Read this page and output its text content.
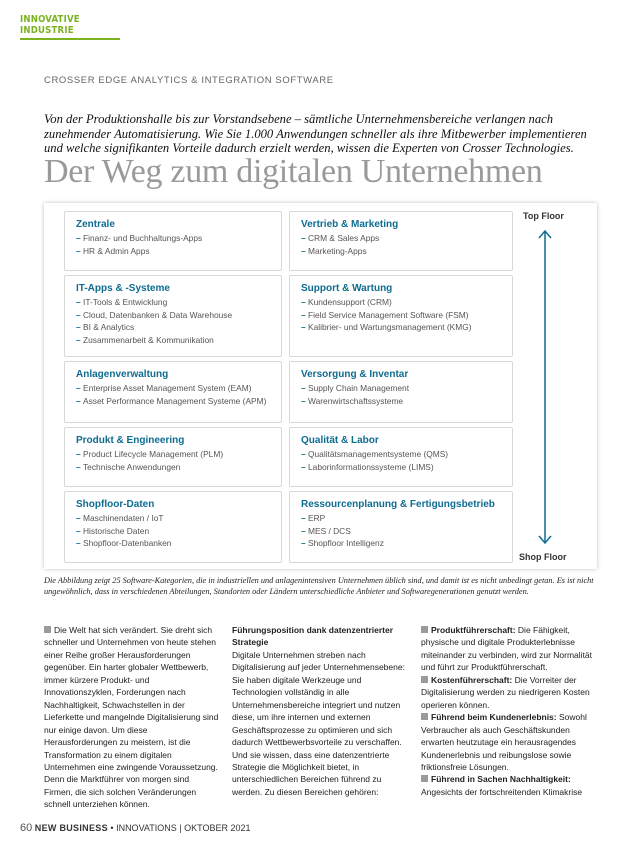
INNOVATIVE INDUSTRIE
CROSSER EDGE ANALYTICS & INTEGRATION SOFTWARE
Von der Produktionshalle bis zur Vorstandsebene – sämtliche Unternehmensbereiche verlangen nach zunehmender Automatisierung. Wie Sie 1.000 Anwendungen schneller als ihre Mitbewerber implementieren und welche signifikanten Vorteile dadurch erzielt werden, wissen die Experten von Crosser Technologies.
Der Weg zum digitalen Unternehmen
Zentrale
– Finanz- und Buchhaltungs-Apps
– HR & Admin Apps
IT-Apps & -Systeme
– IT-Tools & Entwicklung
– Cloud, Datenbanken & Data Warehouse
– BI & Analytics
– Zusammenarbeit & Kommunikation
Anlagenverwaltung
– Enterprise Asset Management System (EAM)
– Asset Performance Management Systeme (APM)
Produkt & Engineering
– Product Lifecycle Management (PLM)
– Technische Anwendungen
Shopfloor-Daten
– Maschinendaten / IoT
– Historische Daten
– Shopfloor-Datenbanken
Vertrieb & Marketing
– CRM & Sales Apps
– Marketing-Apps
Support & Wartung
– Kundensupport (CRM)
– Field Service Management Software (FSM)
– Kalibrier- und Wartungsmanagement (KMG)
Versorgung & Inventar
– Supply Chain Management
– Warenwirtschaftssysteme
Qualität & Labor
– Qualitätsmanagementsysteme (QMS)
– Laborinformationssysteme (LIMS)
Ressourcenplanung & Fertigungsbetrieb
– ERP
– MES / DCS
– Shopfloor Intelligenz
Top Floor
Shop Floor
Die Abbildung zeigt 25 Software-Kategorien, die in industriellen und anlagenintensiven Unternehmen üblich sind, und damit ist es nicht unbedingt getan. Es ist nicht ungewöhnlich, dass in verschiedenen Abteilungen, Standorten oder Ländern unterschiedliche Anbieter und Softwaregenerationen genutzt werden.

Die Welt hat sich verändert. Sie dreht sich schneller und Unternehmen von heute stehen einer Reihe großer Herausforderungen gegenüber. Ein harter globaler Wettbewerb, immer kürzere Produkt- und Innovationszyklen, Forderungen nach Nachhaltigkeit, Schwachstellen in der Lieferkette und mangelnde Digitalisierung sind nur einige davon. Um diese Herausforderungen zu meistern, ist die Transformation zu einem digitalen Unternehmen eine zwingende Voraussetzung. Denn die Marktführer von morgen sind Firmen, die sich solchen Veränderungen schnell unterziehen können.

Führungsposition dank datenzentrierter Strategie

Digitale Unternehmen streben nach Digitalisierung auf jeder Unternehmensebene: Sie haben digitale Werkzeuge und Technologien vollständig in alle Unternehmensbereiche integriert und nutzen diese, um ihre internen und externen Geschäftsprozesse zu optimieren und sich dadurch Wettbewerbsvorteile zu verschaffen. Und sie wissen, dass eine datenzentrierte Strategie die Möglichkeit bietet, in unterschiedlichen Bereichen führend zu werden. Zu diesen Bereichen gehören:

Produktführerschaft: Die Fähigkeit, physische und digitale Produkterlebnisse miteinander zu verbinden, wird zur Normalität und führt zur Produktführerschaft.

Kostenführerschaft: Die Vorreiter der Digitalisierung werden zu niedrigeren Kosten operieren können.

Führend beim Kundenerlebnis: Sowohl Verbraucher als auch Geschäftskunden erwarten heutzutage ein herausragendes Kundenerlebnis und reibungslose sowie friktionsfreie Lösungen.

Führend in Sachen Nachhaltigkeit: Angesichts der fortschreitenden Klimakrise

60 NEW BUSINESS • INNOVATIONS | OKTOBER 2021
